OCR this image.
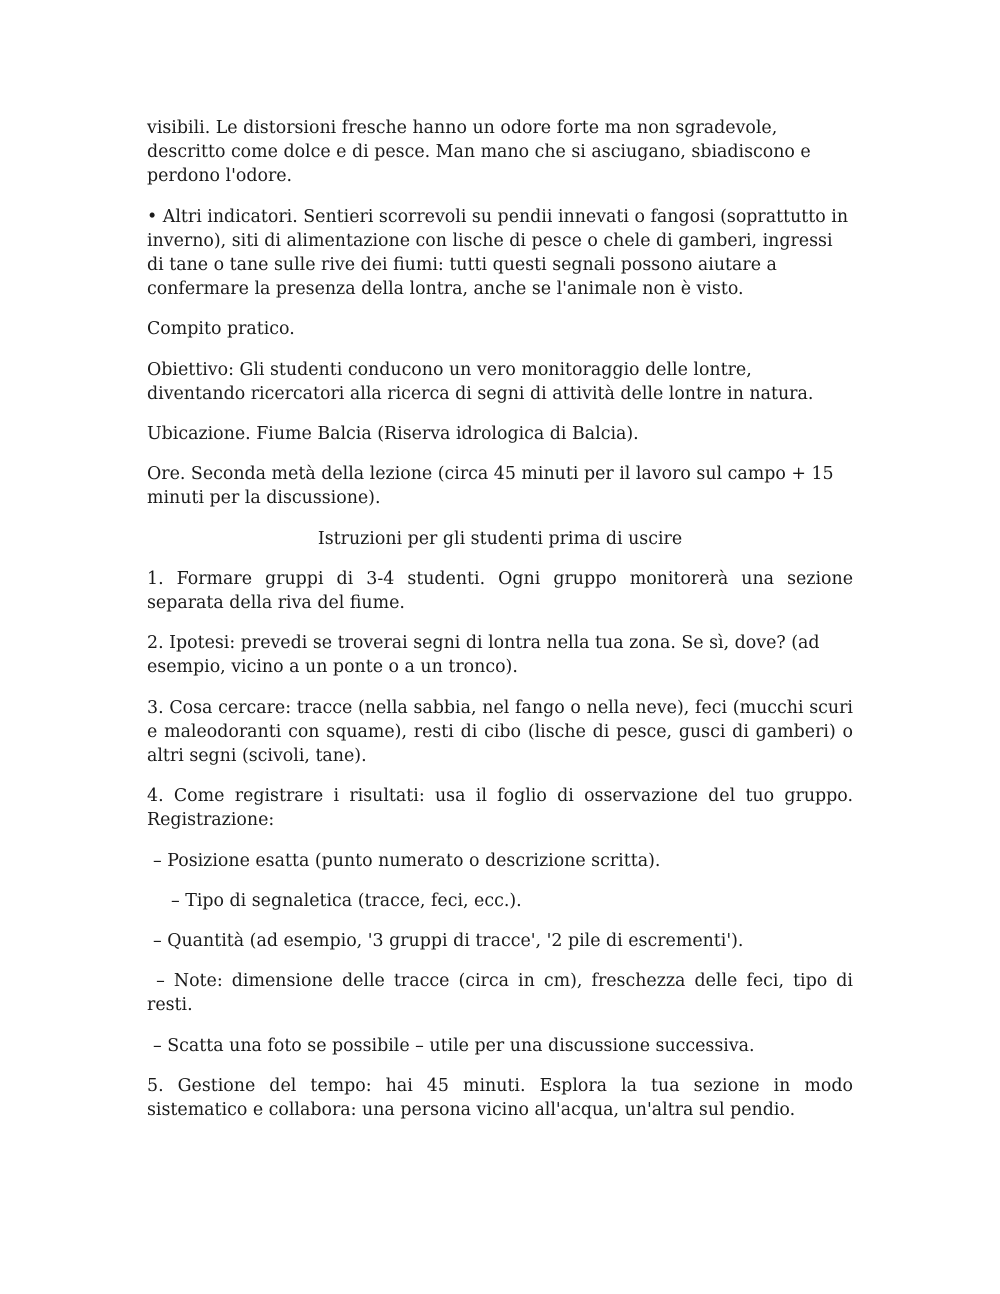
visibili. Le distorsioni fresche hanno un odore forte ma non sgradevole, descritto come dolce e di pesce. Man mano che si asciugano, sbiadiscono e perdono l'odore.

• Altri indicatori. Sentieri scorrevoli su pendii innevati o fangosi (soprattutto in inverno), siti di alimentazione con lische di pesce o chele di gamberi, ingressi di tane o tane sulle rive dei fiumi: tutti questi segnali possono aiutare a confermare la presenza della lontra, anche se l'animale non è visto.

Compito pratico.

Obiettivo: Gli studenti conducono un vero monitoraggio delle lontre, diventando ricercatori alla ricerca di segni di attività delle lontre in natura.

Ubicazione. Fiume Balcia (Riserva idrologica di Balcia).

Ore. Seconda metà della lezione (circa 45 minuti per il lavoro sul campo + 15 minuti per la discussione).

Istruzioni per gli studenti prima di uscire

1. Formare gruppi di 3-4 studenti. Ogni gruppo monitorerà una sezione separata della riva del fiume.

2. Ipotesi: prevedi se troverai segni di lontra nella tua zona. Se sì, dove? (ad esempio, vicino a un ponte o a un tronco).

3. Cosa cercare: tracce (nella sabbia, nel fango o nella neve), feci (mucchi scuri e maleodoranti con squame), resti di cibo (lische di pesce, gusci di gamberi) o altri segni (scivoli, tane).

4. Come registrare i risultati: usa il foglio di osservazione del tuo gruppo. Registrazione:

– Posizione esatta (punto numerato o descrizione scritta).

– Tipo di segnaletica (tracce, feci, ecc.).

– Quantità (ad esempio, '3 gruppi di tracce', '2 pile di escrementi').

– Note: dimensione delle tracce (circa in cm), freschezza delle feci, tipo di resti.

– Scatta una foto se possibile – utile per una discussione successiva.

5. Gestione del tempo: hai 45 minuti. Esplora la tua sezione in modo sistematico e collabora: una persona vicino all'acqua, un'altra sul pendio.
